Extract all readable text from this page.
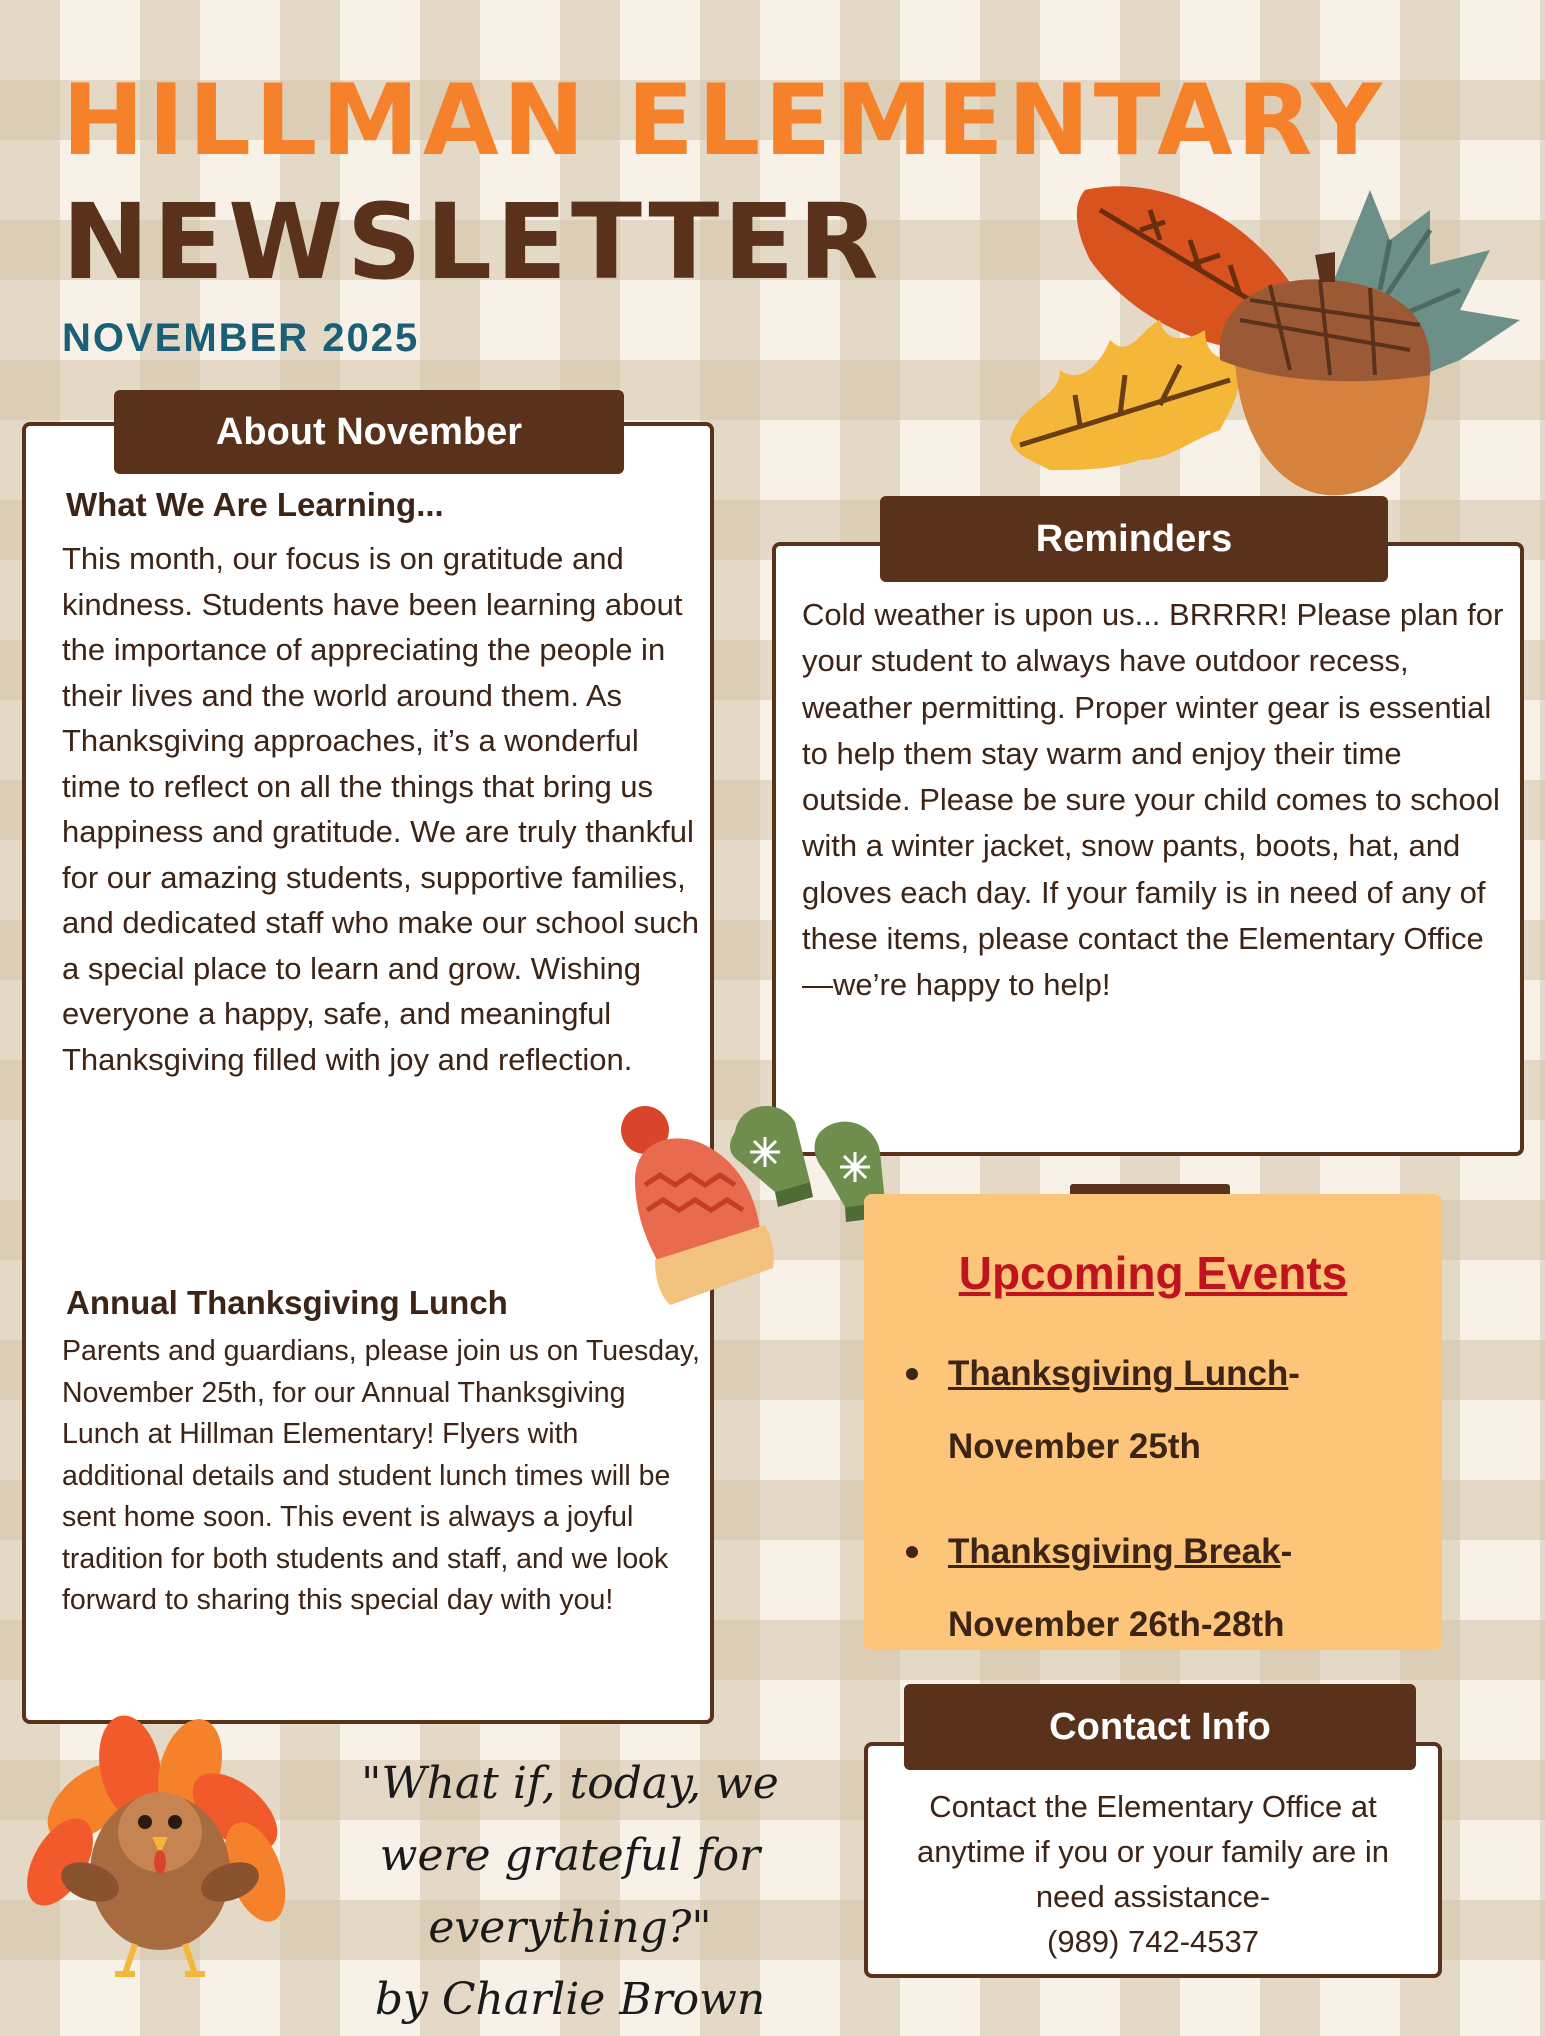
HILLMAN ELEMENTARY
NEWSLETTER
NOVEMBER 2025
What We Are Learning...
This month, our focus is on gratitude and kindness. Students have been learning about the importance of appreciating the people in their lives and the world around them. As Thanksgiving approaches, it’s a wonderful time to reflect on all the things that bring us happiness and gratitude. We are truly thankful for our amazing students, supportive families, and dedicated staff who make our school such a special place to learn and grow. Wishing everyone a happy, safe, and meaningful Thanksgiving filled with joy and reflection.
Annual Thanksgiving Lunch
Parents and guardians, please join us on Tuesday, November 25th, for our Annual Thanksgiving Lunch at Hillman Elementary! Flyers with additional details and student lunch times will be sent home soon. This event is always a joyful tradition for both students and staff, and we look forward to sharing this special day with you!
About November
Cold weather is upon us... BRRRR! Please plan for your student to always have outdoor recess, weather permitting. Proper winter gear is essential to help them stay warm and enjoy their time outside. Please be sure your child comes to school with a winter jacket, snow pants, boots, hat, and gloves each day. If your family is in need of any of these items, please contact the Elementary Office—we’re happy to help!
Reminders
Upcoming Events
Thanksgiving Lunch-
November 25th
Thanksgiving Break-
November 26th-28th
Contact the Elementary Office at anytime if you or your family are in need assistance-
(989) 742-4537
Contact Info
"What if, today, we were grateful for everything?"
by Charlie Brown
